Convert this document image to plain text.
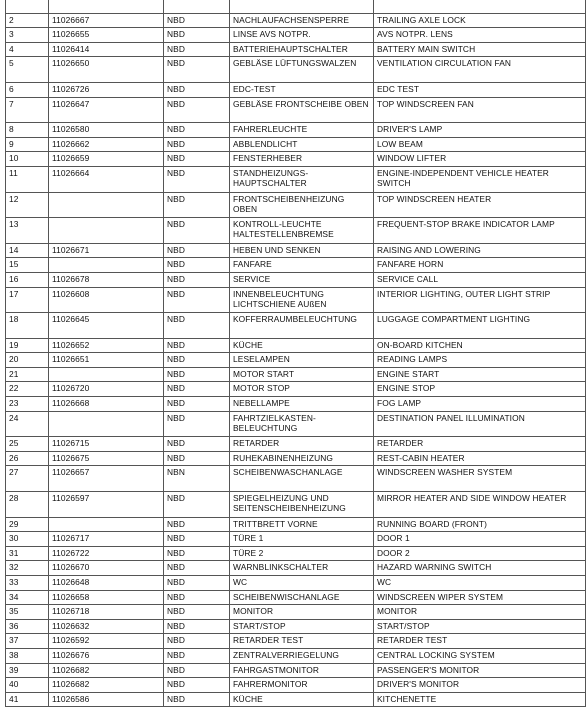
2	11026667	NBD	NACHLAUFACHSENSPERRE	TRAILING AXLE LOCK
3	11026655	NBD	LINSE AVS NOTPR.	AVS NOTPR. LENS
4	11026414	NBD	BATTERIEHAUPTSCHALTER	BATTERY MAIN SWITCH
5	11026650	NBD	GEBLÄSE LÜFTUNGSWALZEN	VENTILATION CIRCULATION FAN
6	11026726	NBD	EDC-TEST	EDC TEST
7	11026647	NBD	GEBLÄSE FRONTSCHEIBE OBEN	TOP WINDSCREEN FAN
8	11026580	NBD	FAHRERLEUCHTE	DRIVER'S LAMP
9	11026662	NBD	ABBLENDLICHT	LOW BEAM
10	11026659	NBD	FENSTERHEBER	WINDOW LIFTER
11	11026664	NBD	STANDHEIZUNGS-HAUPTSCHALTER	ENGINE-INDEPENDENT VEHICLE HEATER SWITCH
12		NBD	FRONTSCHEIBENHEIZUNG OBEN	TOP WINDSCREEN HEATER
13		NBD	KONTROLL-LEUCHTE HALTESTELLENBREMSE	FREQUENT-STOP BRAKE INDICATOR LAMP
14	11026671	NBD	HEBEN UND SENKEN	RAISING AND LOWERING
15		NBD	FANFARE	FANFARE HORN
16	11026678	NBD	SERVICE	SERVICE CALL
17	11026608	NBD	INNENBELEUCHTUNG LICHTSCHIENE AUßEN	INTERIOR LIGHTING, OUTER LIGHT STRIP
18	11026645	NBD	KOFFERRAUMBELEUCHTUNG	LUGGAGE COMPARTMENT LIGHTING
19	11026652	NBD	KÜCHE	ON-BOARD KITCHEN
20	11026651	NBD	LESELAMPEN	READING LAMPS
21		NBD	MOTOR START	ENGINE START
22	11026720	NBD	MOTOR STOP	ENGINE STOP
23	11026668	NBD	NEBELLAMPE	FOG LAMP
24		NBD	FAHRTZIELKASTEN-BELEUCHTUNG	DESTINATION PANEL ILLUMINATION
25	11026715	NBD	RETARDER	RETARDER
26	11026675	NBD	RUHEKABINENHEIZUNG	REST-CABIN HEATER
27	11026657	NBN	SCHEIBENWASCHANLAGE	WINDSCREEN WASHER SYSTEM
28	11026597	NBD	SPIEGELHEIZUNG UND SEITENSCHEIBENHEIZUNG	MIRROR HEATER AND SIDE WINDOW HEATER
29		NBD	TRITTBRETT VORNE	RUNNING BOARD (FRONT)
30	11026717	NBD	TÜRE 1	DOOR 1
31	11026722	NBD	TÜRE 2	DOOR 2
32	11026670	NBD	WARNBLINKSCHALTER	HAZARD WARNING SWITCH
33	11026648	NBD	WC	WC
34	11026658	NBD	SCHEIBENWISCHANLAGE	WINDSCREEN WIPER SYSTEM
35	11026718	NBD	MONITOR	MONITOR
36	11026632	NBD	START/STOP	START/STOP
37	11026592	NBD	RETARDER TEST	RETARDER TEST
38	11026676	NBD	ZENTRALVERRIEGELUNG	CENTRAL LOCKING SYSTEM
39	11026682	NBD	FAHRGASTMONITOR	PASSENGER'S MONITOR
40	11026682	NBD	FAHRERMONITOR	DRIVER'S MONITOR
41	11026586	NBD	KÜCHE	KITCHENETTE
